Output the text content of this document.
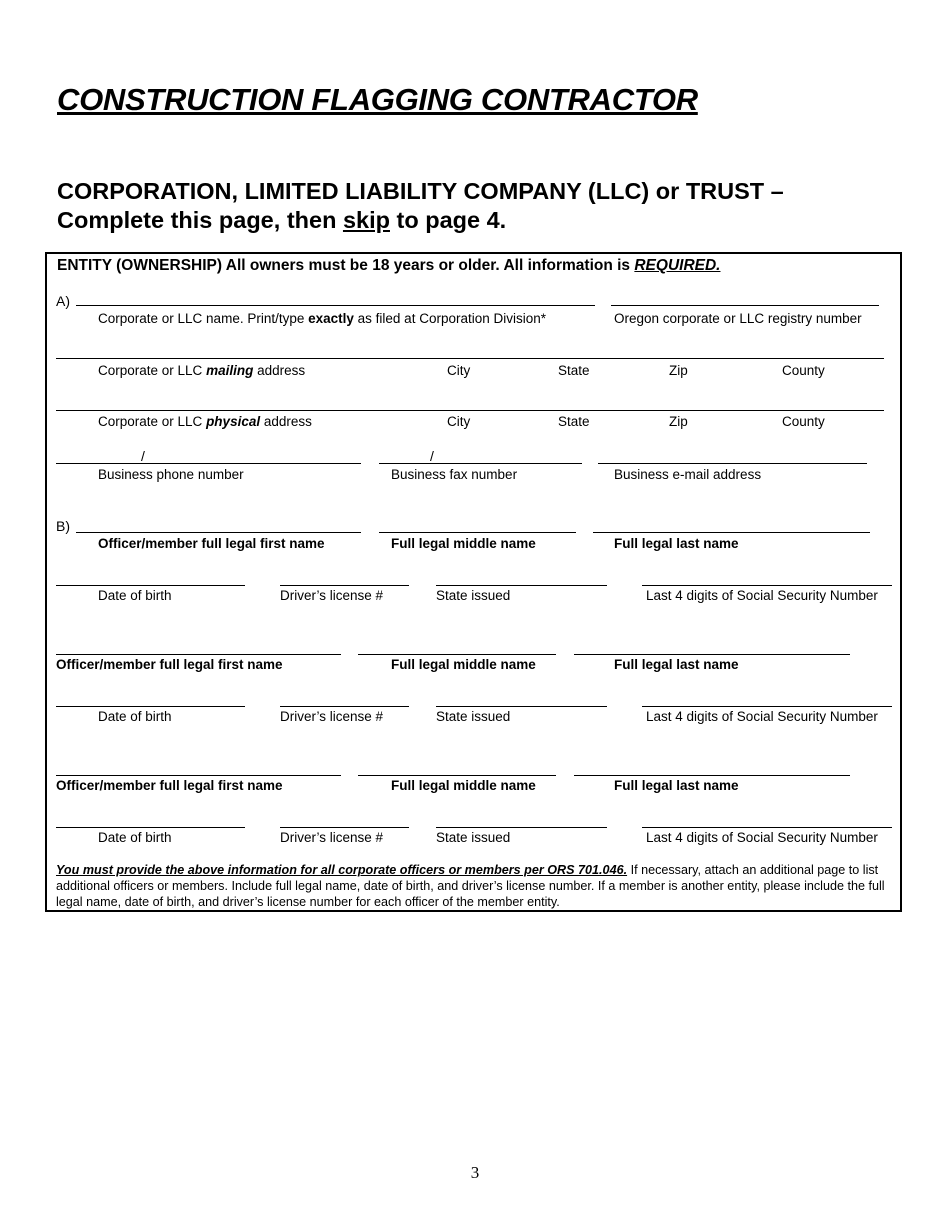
CONSTRUCTION FLAGGING CONTRACTOR
CORPORATION, LIMITED LIABILITY COMPANY (LLC) or TRUST –
Complete this page, then skip to page 4.
ENTITY (OWNERSHIP) All owners must be 18 years or older. All information is REQUIRED.
A)
Corporate or LLC name. Print/type exactly as filed at Corporation Division*	Oregon corporate or LLC registry number
Corporate or LLC mailing address	City	State	Zip	County
Corporate or LLC physical address	City	State	Zip	County
/	/
Business phone number	Business fax number	Business e-mail address
B)
Officer/member full legal first name	Full legal middle name	Full legal last name
Date of birth	Driver’s license #	State issued	Last 4 digits of Social Security Number
Officer/member full legal first name	Full legal middle name	Full legal last name
Date of birth	Driver’s license #	State issued	Last 4 digits of Social Security Number
Officer/member full legal first name	Full legal middle name	Full legal last name
Date of birth	Driver’s license #	State issued	Last 4 digits of Social Security Number
You must provide the above information for all corporate officers or members per ORS 701.046. If necessary, attach an additional page to list additional officers or members. Include full legal name, date of birth, and driver’s license number. If a member is another entity, please include the full legal name, date of birth, and driver’s license number for each officer of the member entity.
3
